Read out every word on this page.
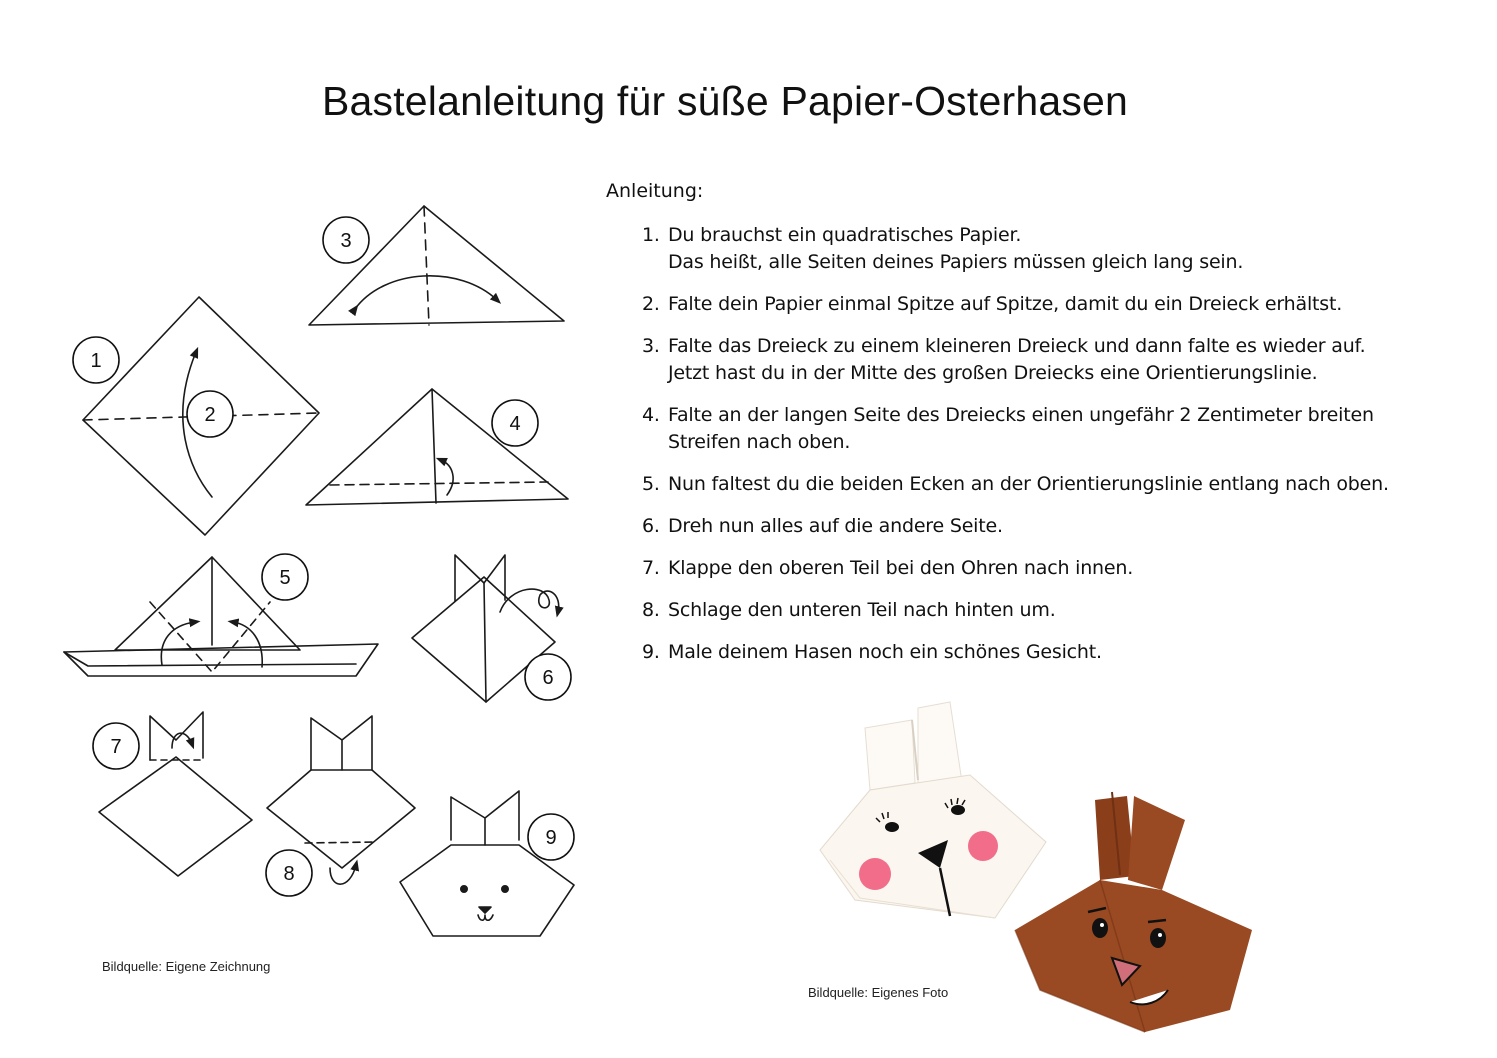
Bastelanleitung für süße Papier-Osterhasen
1
2
3
4
5
6
7
8
9
Bildquelle: Eigene Zeichnung
Anleitung:
1. Du brauchst ein quadratisches Papier.
Das heißt, alle Seiten deines Papiers müssen gleich lang sein.
2. Falte dein Papier einmal Spitze auf Spitze, damit du ein Dreieck erhältst.
3. Falte das Dreieck zu einem kleineren Dreieck und dann falte es wieder auf.
Jetzt hast du in der Mitte des großen Dreiecks eine Orientierungslinie.
4. Falte an der langen Seite des Dreiecks einen ungefähr 2 Zentimeter breiten
Streifen nach oben.
5. Nun faltest du die beiden Ecken an der Orientierungslinie entlang nach oben.
6. Dreh nun alles auf die andere Seite.
7. Klappe den oberen Teil bei den Ohren nach innen.
8. Schlage den unteren Teil nach hinten um.
9. Male deinem Hasen noch ein schönes Gesicht.
Bildquelle: Eigenes Foto
